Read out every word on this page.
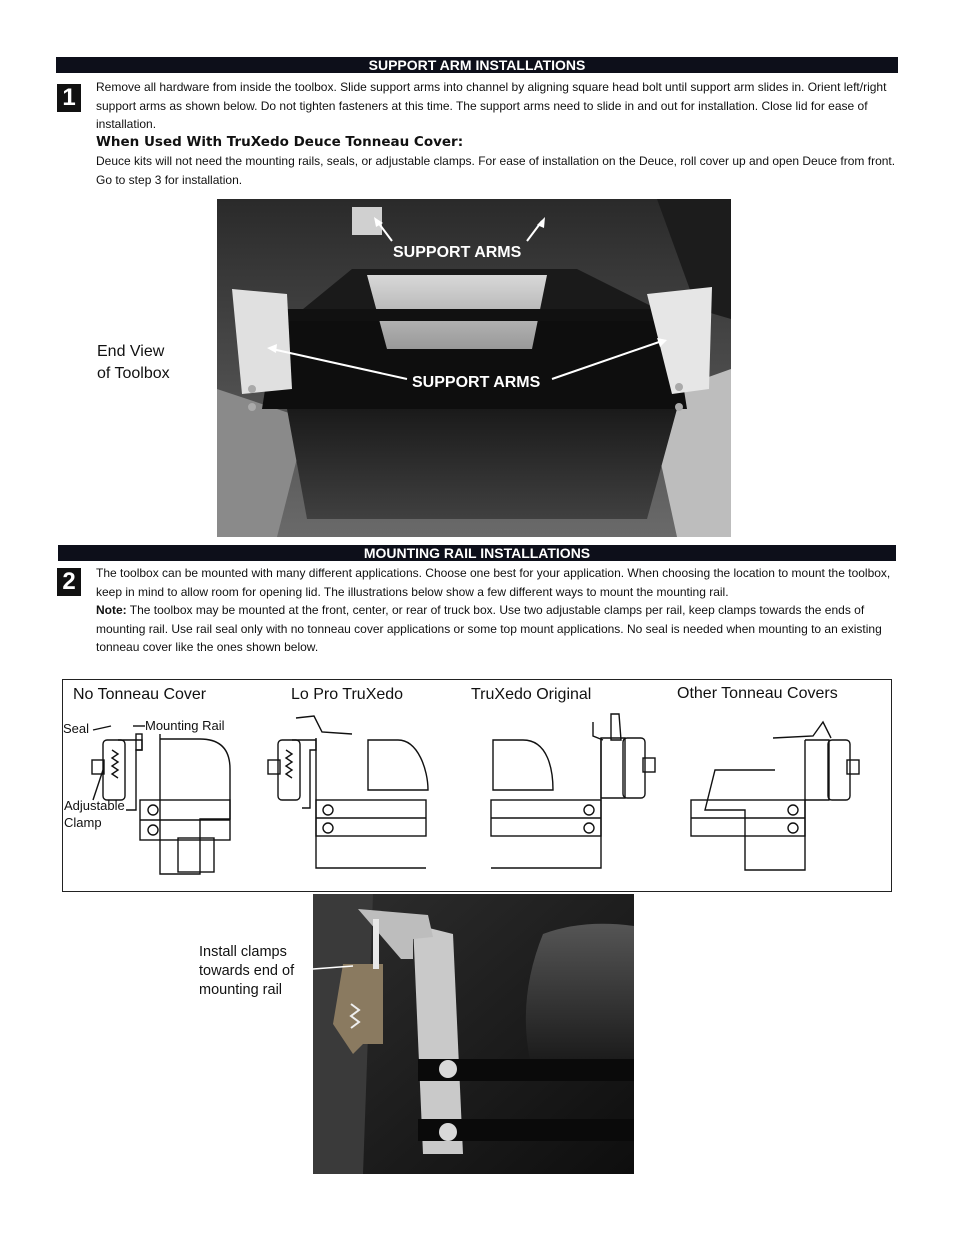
SUPPORT ARM INSTALLATIONS
1	Remove all hardware from inside the toolbox. Slide support arms into channel by aligning square head bolt until support arm slides in. Orient left/right support arms as shown below. Do not tighten fasteners at this time. The support arms need to slide in and out for installation. Close lid for ease of installation.
When Used With TruXedo Deuce Tonneau Cover:
Deuce kits will not need the mounting rails, seals, or adjustable clamps. For ease of installation on the Deuce, roll cover up and open Deuce from front. Go to step 3 for installation.
End View
of Toolbox
SUPPORT ARMS
SUPPORT ARMS
MOUNTING RAIL INSTALLATIONS
2	The toolbox can be mounted with many different applications. Choose one best for your application. When choosing the location to mount the toolbox, keep in mind to allow room for opening lid. The illustrations below show a few different ways to mount the mounting rail.
Note: The toolbox may be mounted at the front, center, or rear of truck box. Use two adjustable clamps per rail, keep clamps towards the ends of mounting rail. Use rail seal only with no tonneau cover applications or some top mount applications. No seal is needed when mounting to an existing tonneau cover like the ones shown below.
No Tonneau Cover	Lo Pro TruXedo	TruXedo Original	Other Tonneau Covers
Seal	Mounting Rail
Adjustable
Clamp
Install clamps
towards end of
mounting rail
